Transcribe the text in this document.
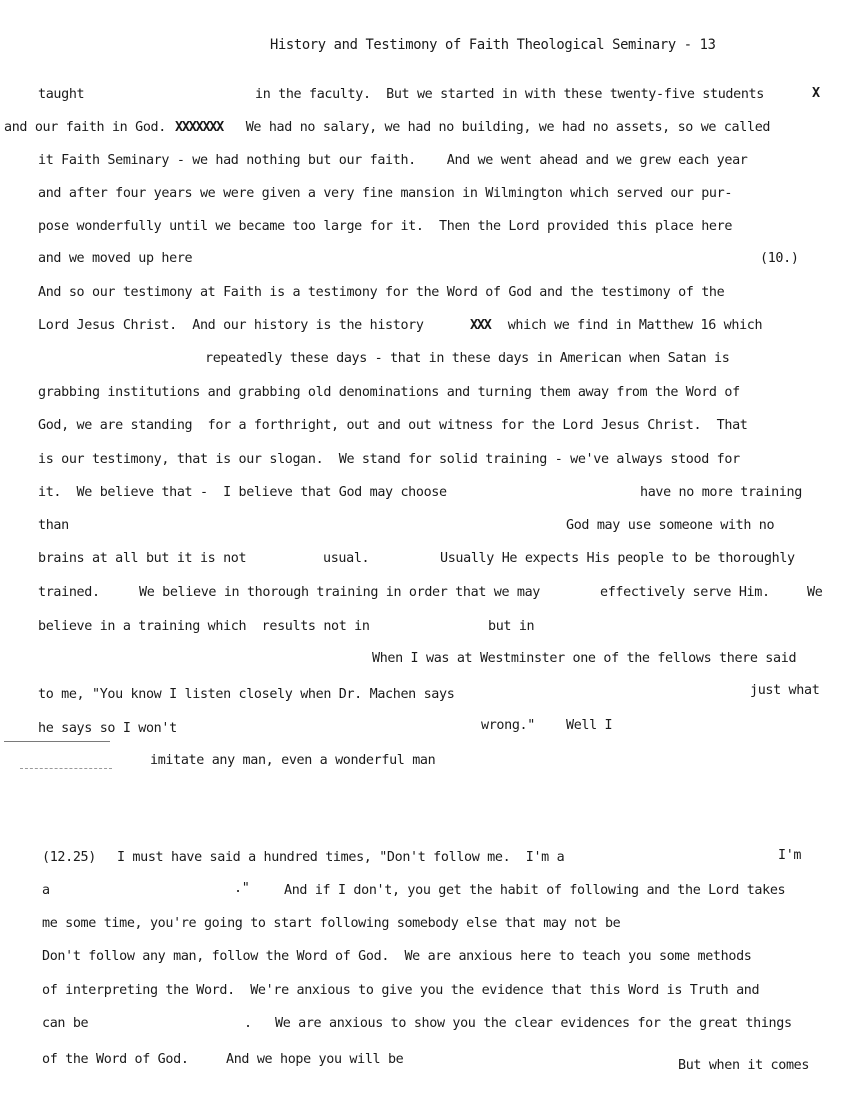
History and Testimony of Faith Theological Seminary - 13
taught	in the faculty.  But we started in with these twenty-five students	X
and our faith in God. XXXXXXX We had no salary, we had no building, we had no assets, so we called
it Faith Seminary - we had nothing but our faith.    And we went ahead and we grew each year
and after four years we were given a very fine mansion in Wilmington which served our pur-
pose wonderfully until we became too large for it.  Then the Lord provided this place here
and we moved up here	(10.)
And so our testimony at Faith is a testimony for the Word of God and the testimony of the
Lord Jesus Christ.  And our history is the history	XXX which we find in Matthew 16 which
repeatedly these days - that in these days in American when Satan is
grabbing institutions and grabbing old denominations and turning them away from the Word of
God, we are standing  for a forthright, out and out witness for the Lord Jesus Christ.  That
is our testimony, that is our slogan.  We stand for solid training - we've always stood for
it.  We believe that -  I believe that God may choose	have no more training
than	God may use someone with no
brains at all but it is not	usual.	Usually He expects His people to be thoroughly
trained.	We believe in thorough training in order that we may	effectively serve Him.	We
believe in a training which  results not in	but in
When I was at Westminster one of the fellows there said
to me, "You know I listen closely when Dr. Machen says	just what
he says so I won't	wrong." Well I
imitate any man, even a wonderful man
(12.25) I must have said a hundred times, "Don't follow me.  I'm a	I'm
a	."	And if I don't, you get the habit of following and the Lord takes
me some time, you're going to start following somebody else that may not be
Don't follow any man, follow the Word of God.  We are anxious here to teach you some methods
of interpreting the Word.  We're anxious to give you the evidence that this Word is Truth and
can be	. We are anxious to show you the clear evidences for the great things
of the Word of God.	And we hope you will be	But when it comes
